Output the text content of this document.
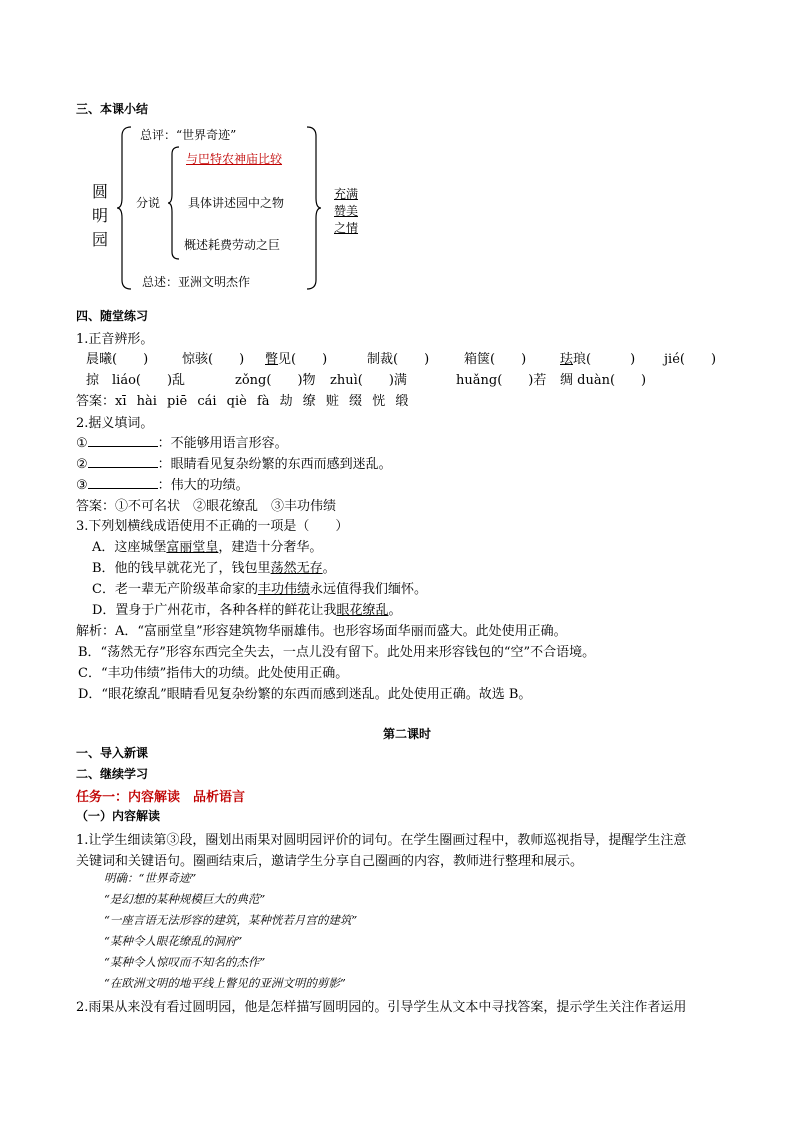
三、本课小结
圆
明
园
总评：“世界奇迹”
分说
与巴特农神庙比较
具体讲述园中之物
概述耗费劳动之巨
总述：亚洲文明杰作
充满
赞美
之情
四、随堂练习
1.正音辨形。
晨曦(　　)	惊骇(　　) 瞥见(　　)	制裁(　　)	箱箧(　　)	珐琅(　　　) jié(　　)
掠　liáo(　　)乱	zǒng(　　)物 zhuì(　　)满	huǎng(　　)若 绸 duàn(　　)
答案：xī hài piē cái qiè fà 劫 缭 赃 缀 恍 缎
2.据义填词。
①	：不能够用语言形容。
②	：眼睛看见复杂纷繁的东西而感到迷乱。
③	：伟大的功绩。
答案：①不可名状　②眼花缭乱　③丰功伟绩
3.下列划横线成语使用不正确的一项是（　　）
A．这座城堡富丽堂皇，建造十分奢华。
B．他的钱早就花光了，钱包里荡然无存。
C．老一辈无产阶级革命家的丰功伟绩永远值得我们缅怀。
D．置身于广州花市，各种各样的鲜花让我眼花缭乱。
解析：A．“富丽堂皇”形容建筑物华丽雄伟。也形容场面华丽而盛大。此处使用正确。
B．“荡然无存”形容东西完全失去，一点儿没有留下。此处用来形容钱包的“空”不合语境。
C．“丰功伟绩”指伟大的功绩。此处使用正确。
D．“眼花缭乱”眼睛看见复杂纷繁的东西而感到迷乱。此处使用正确。故选 B。
第二课时
一、导入新课
二、继续学习
任务一：内容解读　品析语言
（一）内容解读
1.让学生细读第③段，圈划出雨果对圆明园评价的词句。在学生圈画过程中，教师巡视指导，提醒学生注意
关键词和关键语句。圈画结束后，邀请学生分享自己圈画的内容，教师进行整理和展示。
明确：“世界奇迹”
“是幻想的某种规模巨大的典范”
“一座言语无法形容的建筑，某种恍若月宫的建筑”
“某种令人眼花缭乱的洞府”
“某种令人惊叹而不知名的杰作”
“在欧洲文明的地平线上瞥见的亚洲文明的剪影”
2.雨果从来没有看过圆明园，他是怎样描写圆明园的。引导学生从文本中寻找答案，提示学生关注作者运用
